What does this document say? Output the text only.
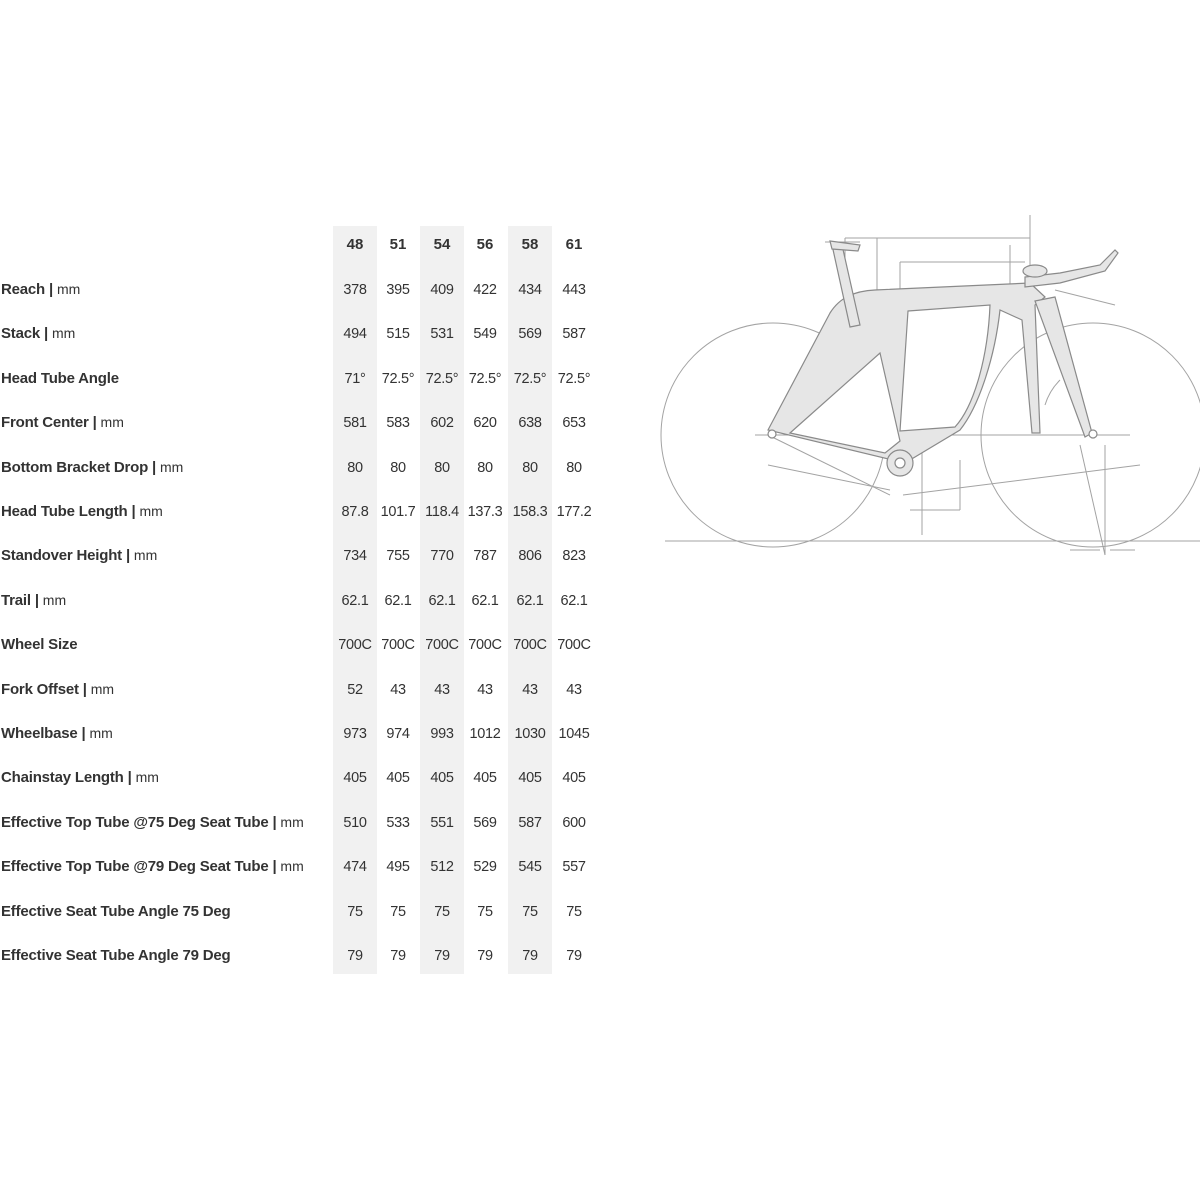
48	51	54	56	58	61
Reach | mm	378	395	409	422	434	443
Stack | mm	494	515	531	549	569	587
Head Tube Angle	71°	72.5° 72.5° 72.5° 72.5° 72.5°
Front Center | mm	581	583	602	620	638	653
Bottom Bracket Drop | mm	80	80	80	80	80	80
Head Tube Length | mm	87.8 101.7 118.4 137.3 158.3 177.2
Standover Height | mm	734	755	770	787	806	823
Trail | mm	62.1	62.1	62.1	62.1	62.1	62.1
Wheel Size	700C 700C 700C 700C 700C 700C
Fork Offset | mm	52	43	43	43	43	43
Wheelbase | mm	973	974	993	1012 1030 1045
Chainstay Length | mm	405	405	405	405	405	405
Effective Top Tube @75 Deg Seat Tube | mm	510	533	551	569	587	600
Effective Top Tube @79 Deg Seat Tube | mm	474	495	512	529	545	557
Effective Seat Tube Angle 75 Deg	75	75	75	75	75	75
Effective Seat Tube Angle 79 Deg	79	79	79	79	79	79
